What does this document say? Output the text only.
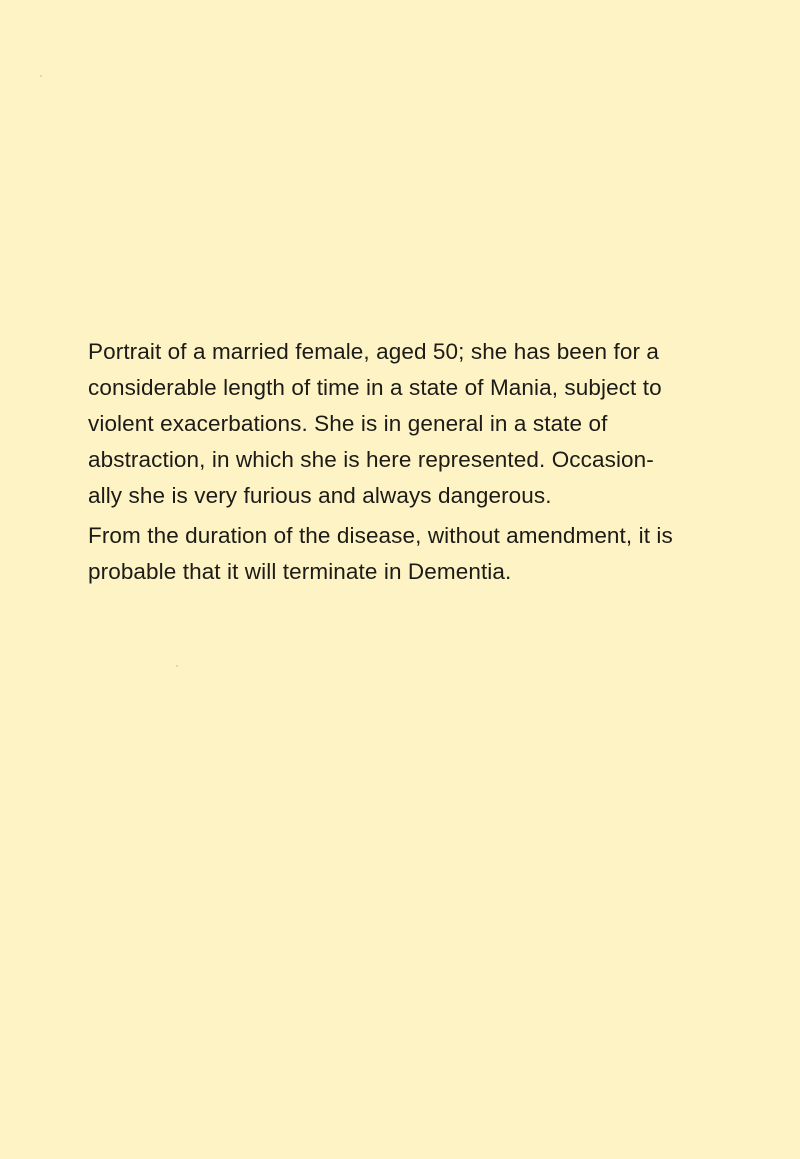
Portrait of a married female, aged 50; she has been for a
considerable length of time in a state of Mania, subject to
violent exacerbations. She is in general in a state of
abstraction, in which she is here represented. Occasion-
ally she is very furious and always dangerous.

From the duration of the disease, without amendment, it is
probable that it will terminate in Dementia.
